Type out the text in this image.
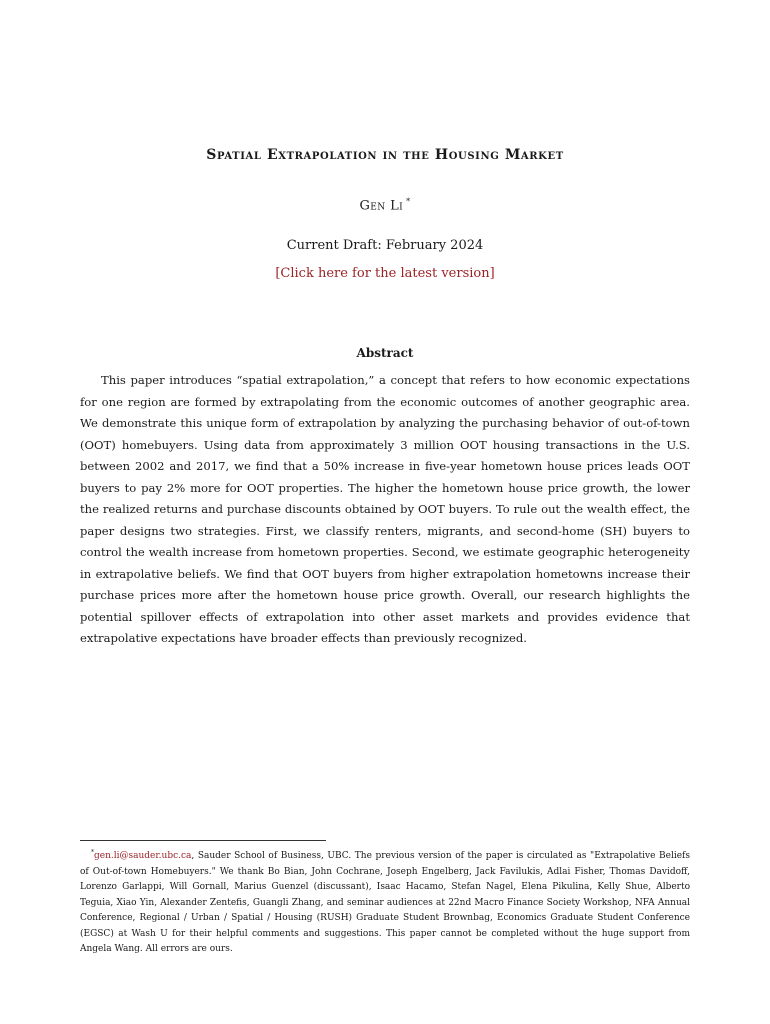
Spatial Extrapolation in the Housing Market
Gen Li *
Current Draft: February 2024
[Click here for the latest version]
Abstract

This paper introduces “spatial extrapolation,” a concept that refers to how economic expectations for one region are formed by extrapolating from the economic outcomes of another geographic area. We demonstrate this unique form of extrapolation by analyzing the purchasing behavior of out-of-town (OOT) homebuyers. Using data from approximately 3 million OOT housing transactions in the U.S. between 2002 and 2017, we find that a 50% increase in five-year hometown house prices leads OOT buyers to pay 2% more for OOT properties. The higher the hometown house price growth, the lower the realized returns and purchase discounts obtained by OOT buyers. To rule out the wealth effect, the paper designs two strategies. First, we classify renters, migrants, and second-home (SH) buyers to control the wealth increase from hometown properties. Second, we estimate geographic heterogeneity in extrapolative beliefs. We find that OOT buyers from higher extrapolation hometowns increase their purchase prices more after the hometown house price growth. Overall, our research highlights the potential spillover effects of extrapolation into other asset markets and provides evidence that extrapolative expectations have broader effects than previously recognized.

*gen.li@sauder.ubc.ca, Sauder School of Business, UBC. The previous version of the paper is circulated as "Extrapolative Beliefs of Out-of-town Homebuyers." We thank Bo Bian, John Cochrane, Joseph Engelberg, Jack Favilukis, Adlai Fisher, Thomas Davidoff, Lorenzo Garlappi, Will Gornall, Marius Guenzel (discussant), Isaac Hacamo, Stefan Nagel, Elena Pikulina, Kelly Shue, Alberto Teguia, Xiao Yin, Alexander Zentefis, Guangli Zhang, and seminar audiences at 22nd Macro Finance Society Workshop, NFA Annual Conference, Regional / Urban / Spatial / Housing (RUSH) Graduate Student Brownbag, Economics Graduate Student Conference (EGSC) at Wash U for their helpful comments and suggestions. This paper cannot be completed without the huge support from Angela Wang. All errors are ours.
